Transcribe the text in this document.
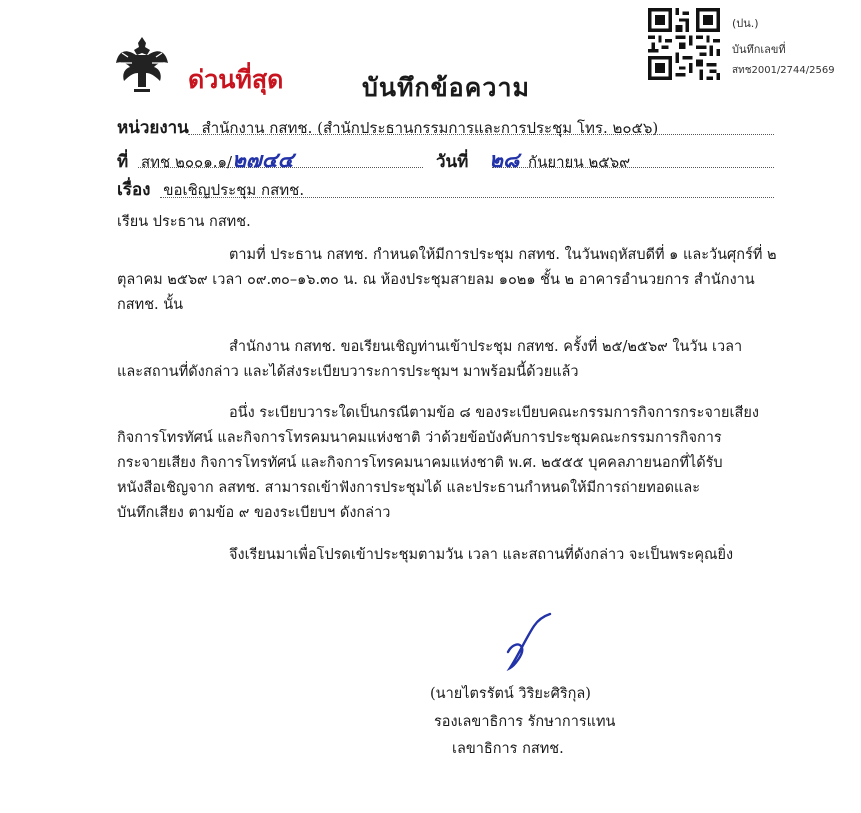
ด่วนที่สุด	บันทึกข้อความ
(ปน.)
บันทึกเลขที่
สทช2001/2744/2569
หน่วยงาน สำนักงาน กสทช. (สำนักประธานกรรมการและการประชุม โทร. ๒๐๕๖)
ที่ สทช ๒๐๐๑.๑/๒๗๔๔	วันที่ ๒๘ กันยายน ๒๕๖๙
เรื่อง ขอเชิญประชุม กสทช.
เรียน ประธาน กสทช.
ตามที่ ประธาน กสทช. กำหนดให้มีการประชุม กสทช. ในวันพฤหัสบดีที่ ๑ และวันศุกร์ที่ ๒
ตุลาคม ๒๕๖๙ เวลา ๐๙.๓๐–๑๖.๓๐ น. ณ ห้องประชุมสายลม ๑๐๒๑ ชั้น ๒ อาคารอำนวยการ สำนักงาน
กสทช. นั้น
สำนักงาน กสทช. ขอเรียนเชิญท่านเข้าประชุม กสทช. ครั้งที่ ๒๕/๒๕๖๙ ในวัน เวลา
และสถานที่ดังกล่าว และได้ส่งระเบียบวาระการประชุมฯ มาพร้อมนี้ด้วยแล้ว
อนึ่ง ระเบียบวาระใดเป็นกรณีตามข้อ ๘ ของระเบียบคณะกรรมการกิจการกระจายเสียง
กิจการโทรทัศน์ และกิจการโทรคมนาคมแห่งชาติ ว่าด้วยข้อบังคับการประชุมคณะกรรมการกิจการ
กระจายเสียง กิจการโทรทัศน์ และกิจการโทรคมนาคมแห่งชาติ พ.ศ. ๒๕๕๕ บุคคลภายนอกที่ได้รับ
หนังสือเชิญจาก ลสทช. สามารถเข้าฟังการประชุมได้ และประธานกำหนดให้มีการถ่ายทอดและ
บันทึกเสียง ตามข้อ ๙ ของระเบียบฯ ดังกล่าว
จึงเรียนมาเพื่อโปรดเข้าประชุมตามวัน เวลา และสถานที่ดังกล่าว จะเป็นพระคุณยิ่ง
(นายไตรรัตน์ วิริยะศิริกุล)
รองเลขาธิการ รักษาการแทน
เลขาธิการ กสทช.
